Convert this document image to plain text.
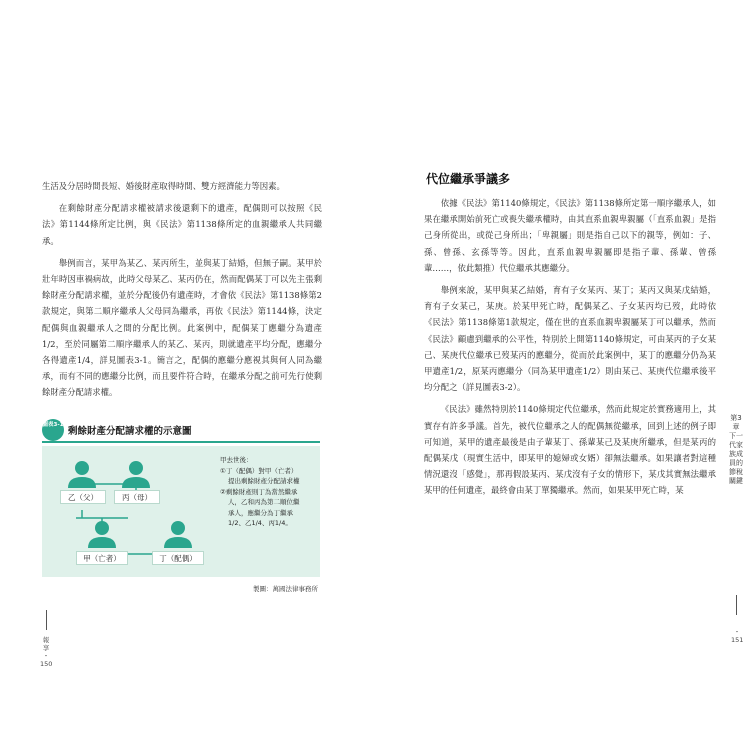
生活及分居時間長短、婚後財產取得時間、雙方經濟能力等因素。

在剩餘財產分配請求權被請求後還剩下的遺產，配偶則可以按照《民法》第1144條所定比例，與《民法》第1138條所定的血親繼承人共同繼承。

舉例而言，某甲為某乙、某丙所生，並與某丁結婚，但無子嗣。某甲於壯年時因車禍病故，此時父母某乙、某丙仍在，然而配偶某丁可以先主張剩餘財產分配請求權，並於分配後仍有遺產時，才會依《民法》第1138條第2款規定，與第二順序繼承人父母同為繼承，再依《民法》第1144條，決定配偶與血親繼承人之間的分配比例。此案例中，配偶某丁應繼分為遺產1/2，至於同屬第二順序繼承人的某乙、某丙，則就遺產平均分配，應繼分各得遺產1/4，詳見圖表3-1。簡言之，配偶的應繼分應視其與何人同為繼承，而有不同的應繼分比例，而且要件符合時，在繼承分配之前可先行使剩餘財產分配請求權。

圖表3-1
剩餘財產分配請求權的示意圖
乙（父）	丙（母）
甲（亡者）	丁（配偶）
甲去世後：
①丁（配偶）對甲（亡者）
提出剩餘財產分配請求權
②剩餘財產則丁為當然繼承
人，乙和丙為第二順位繼
承人，應繼分為丁繼承
1/2、乙1/4、丙1/4。
製圖：萬國法律事務所
報 享 ・ 150
代位繼承爭議多

依據《民法》第1140條規定，《民法》第1138條所定第一順序繼承人，如果在繼承開始前死亡或喪失繼承權時，由其直系血親卑親屬（「直系血親」是指己身所從出，或從己身所出；「卑親屬」則是指自己以下的親等，例如：子、孫、曾孫、玄孫等等。因此，直系血親卑親屬即是指子輩、孫輩、曾孫輩……，依此類推）代位繼承其應繼分。

舉例來說，某甲與某乙結婚，育有子女某丙、某丁；某丙又與某戊結婚，育有子女某己，某庚。於某甲死亡時，配偶某乙、子女某丙均已歿，此時依《民法》第1138條第1款規定，僅在世的直系血親卑親屬某丁可以繼承，然而《民法》顧慮到繼承的公平性，特別於上開第1140條規定，可由某丙的子女某己、某庚代位繼承已歿某丙的應繼分，從而於此案例中，某丁的應繼分仍為某甲遺產1/2，原某丙應繼分（同為某甲遺產1/2）則由某己、某庚代位繼承後平均分配之（詳見圖表3-2）。

《民法》雖然特別於1140條規定代位繼承，然而此規定於實務適用上，其實存有許多爭議。首先，被代位繼承之人的配偶無從繼承，回到上述的例子即可知道，某甲的遺產最後是由子輩某丁、孫輩某己及某庚所繼承，但是某丙的配偶某戊（現實生活中，即某甲的媳婦或女婿）卻無法繼承。如果讓者對這種情況還沒「感覺」，那再假設某丙、某戊沒有子女的情形下，某戊其實無法繼承某甲的任何遺產，最終會由某丁單獨繼承。然而，如果某甲死亡時，某

第3章 下一代家族成員的節稅關鍵
・ 151
